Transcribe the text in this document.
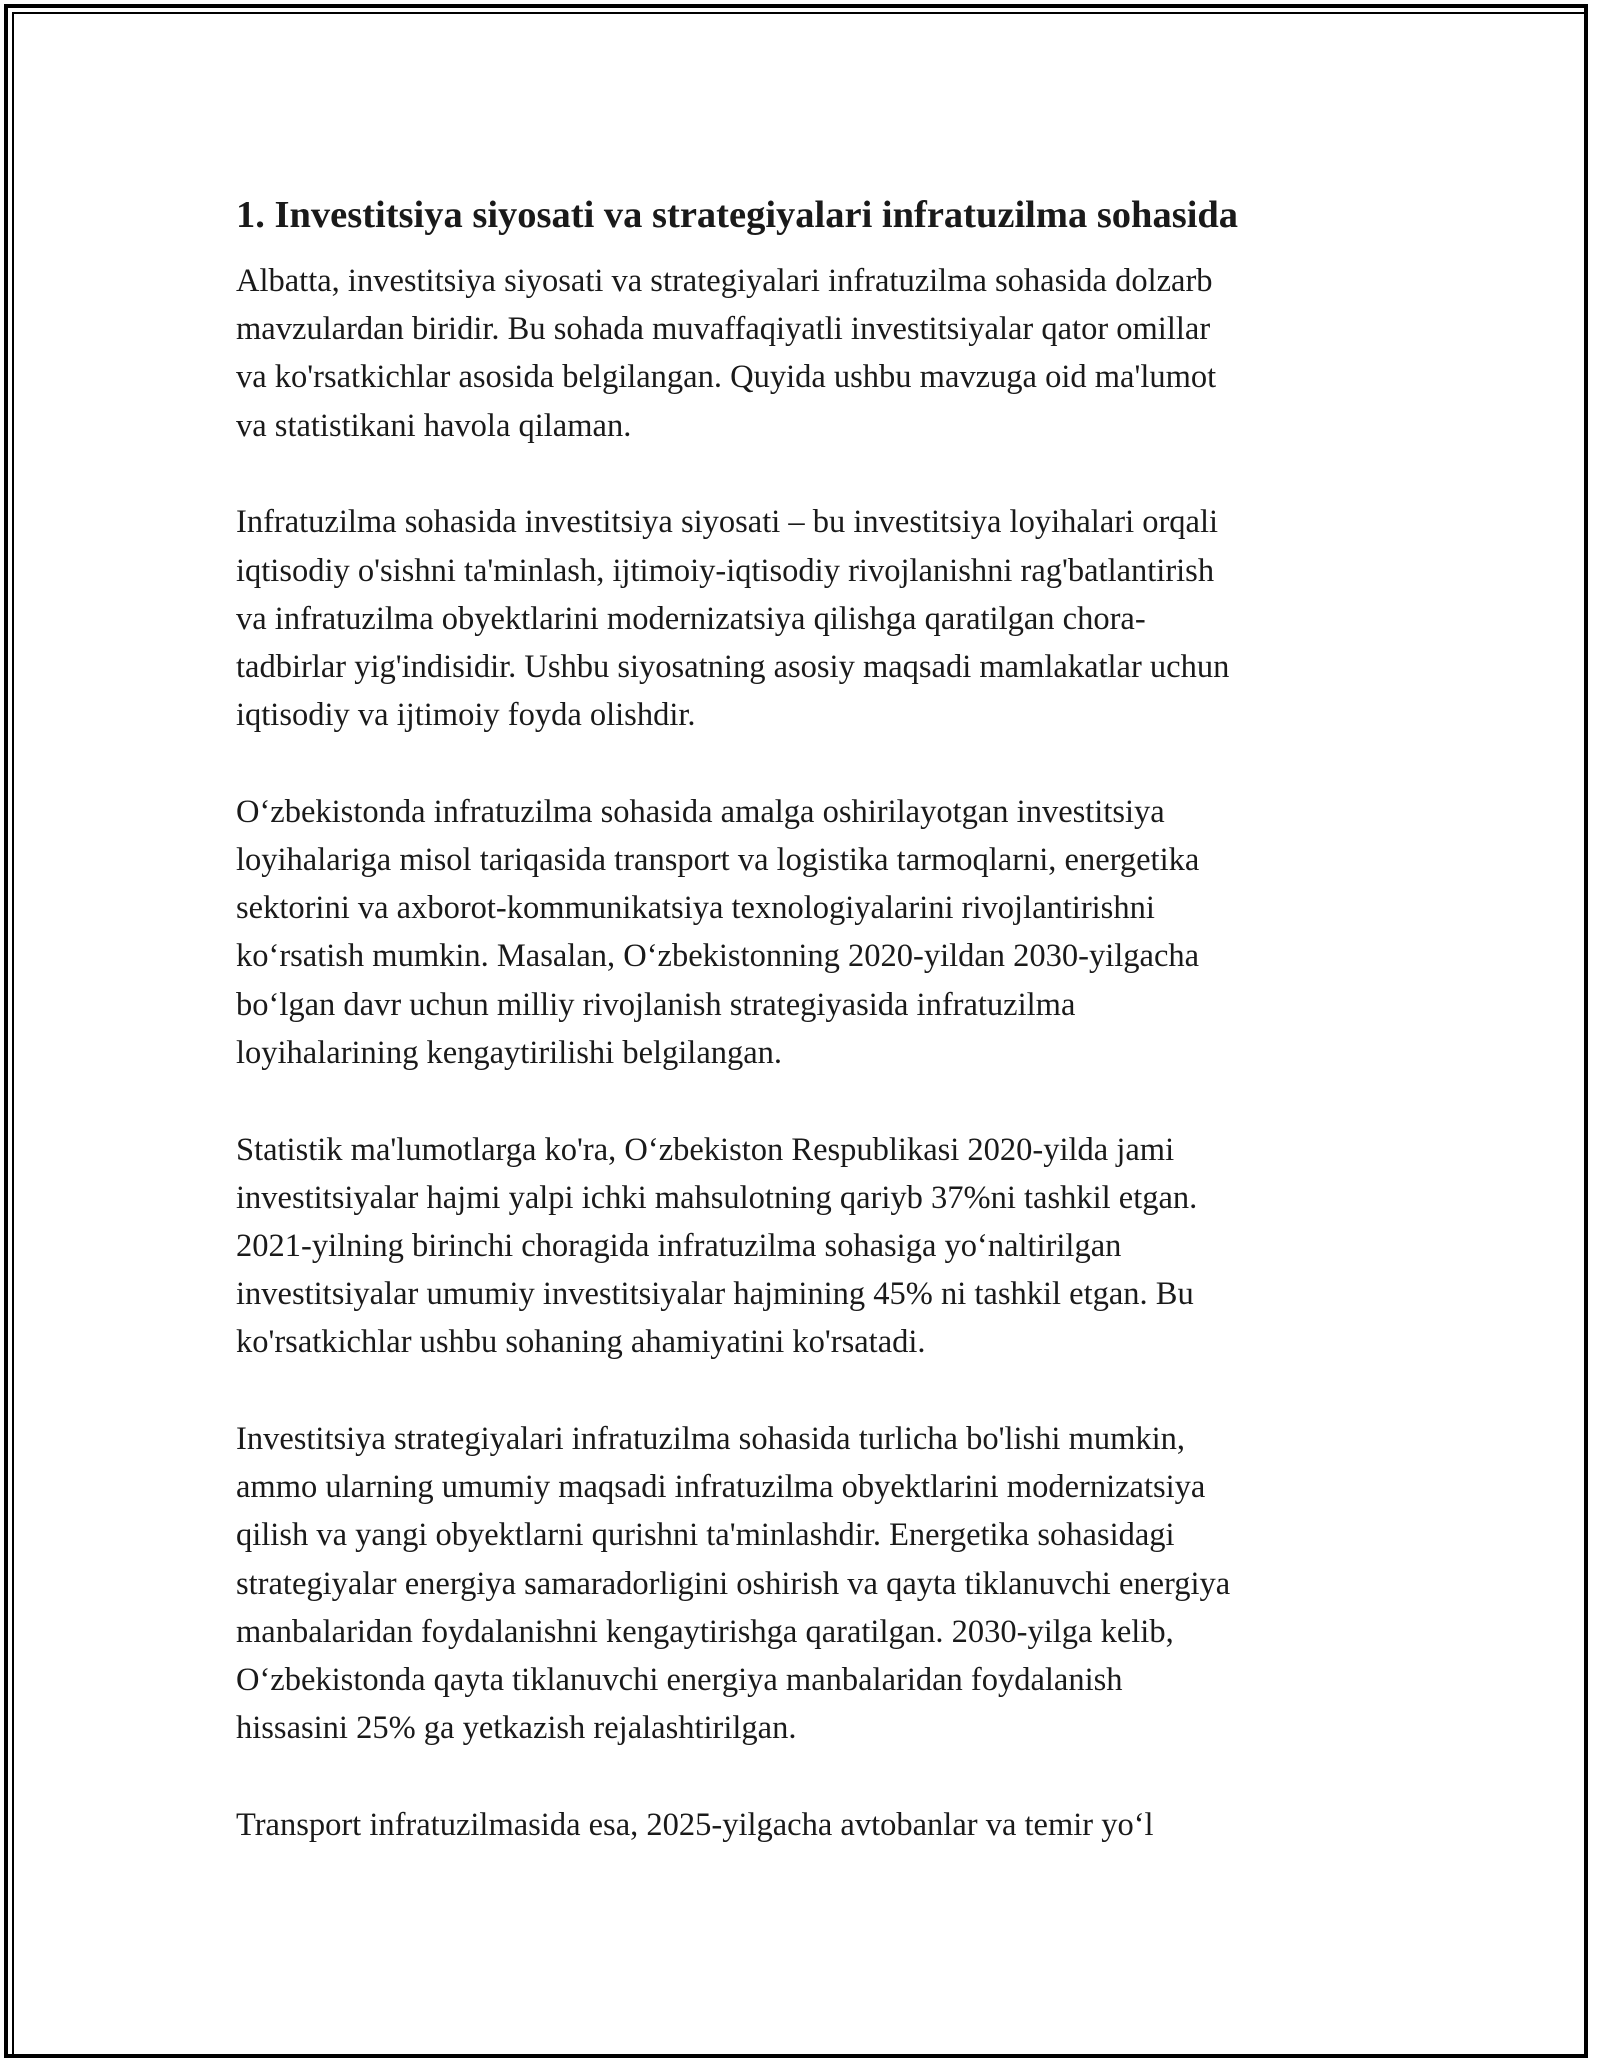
1. Investitsiya siyosati va strategiyalari infratuzilma sohasida

Albatta, investitsiya siyosati va strategiyalari infratuzilma sohasida dolzarb
mavzulardan biridir. Bu sohada muvaffaqiyatli investitsiyalar qator omillar
va ko'rsatkichlar asosida belgilangan. Quyida ushbu mavzuga oid ma'lumot
va statistikani havola qilaman.

Infratuzilma sohasida investitsiya siyosati – bu investitsiya loyihalari orqali
iqtisodiy o'sishni ta'minlash, ijtimoiy-iqtisodiy rivojlanishni rag'batlantirish
va infratuzilma obyektlarini modernizatsiya qilishga qaratilgan chora-
tadbirlar yig'indisidir. Ushbu siyosatning asosiy maqsadi mamlakatlar uchun
iqtisodiy va ijtimoiy foyda olishdir.

O‘zbekistonda infratuzilma sohasida amalga oshirilayotgan investitsiya
loyihalariga misol tariqasida transport va logistika tarmoqlarni, energetika
sektorini va axborot-kommunikatsiya texnologiyalarini rivojlantirishni
ko‘rsatish mumkin. Masalan, O‘zbekistonning 2020-yildan 2030-yilgacha
bo‘lgan davr uchun milliy rivojlanish strategiyasida infratuzilma
loyihalarining kengaytirilishi belgilangan.

Statistik ma'lumotlarga ko'ra, O‘zbekiston Respublikasi 2020-yilda jami
investitsiyalar hajmi yalpi ichki mahsulotning qariyb 37%ni tashkil etgan.
2021-yilning birinchi choragida infratuzilma sohasiga yo‘naltirilgan
investitsiyalar umumiy investitsiyalar hajmining 45% ni tashkil etgan. Bu
ko'rsatkichlar ushbu sohaning ahamiyatini ko'rsatadi.

Investitsiya strategiyalari infratuzilma sohasida turlicha bo'lishi mumkin,
ammo ularning umumiy maqsadi infratuzilma obyektlarini modernizatsiya
qilish va yangi obyektlarni qurishni ta'minlashdir. Energetika sohasidagi
strategiyalar energiya samaradorligini oshirish va qayta tiklanuvchi energiya
manbalaridan foydalanishni kengaytirishga qaratilgan. 2030-yilga kelib,
O‘zbekistonda qayta tiklanuvchi energiya manbalaridan foydalanish
hissasini 25% ga yetkazish rejalashtirilgan.

Transport infratuzilmasida esa, 2025-yilgacha avtobanlar va temir yo‘l
